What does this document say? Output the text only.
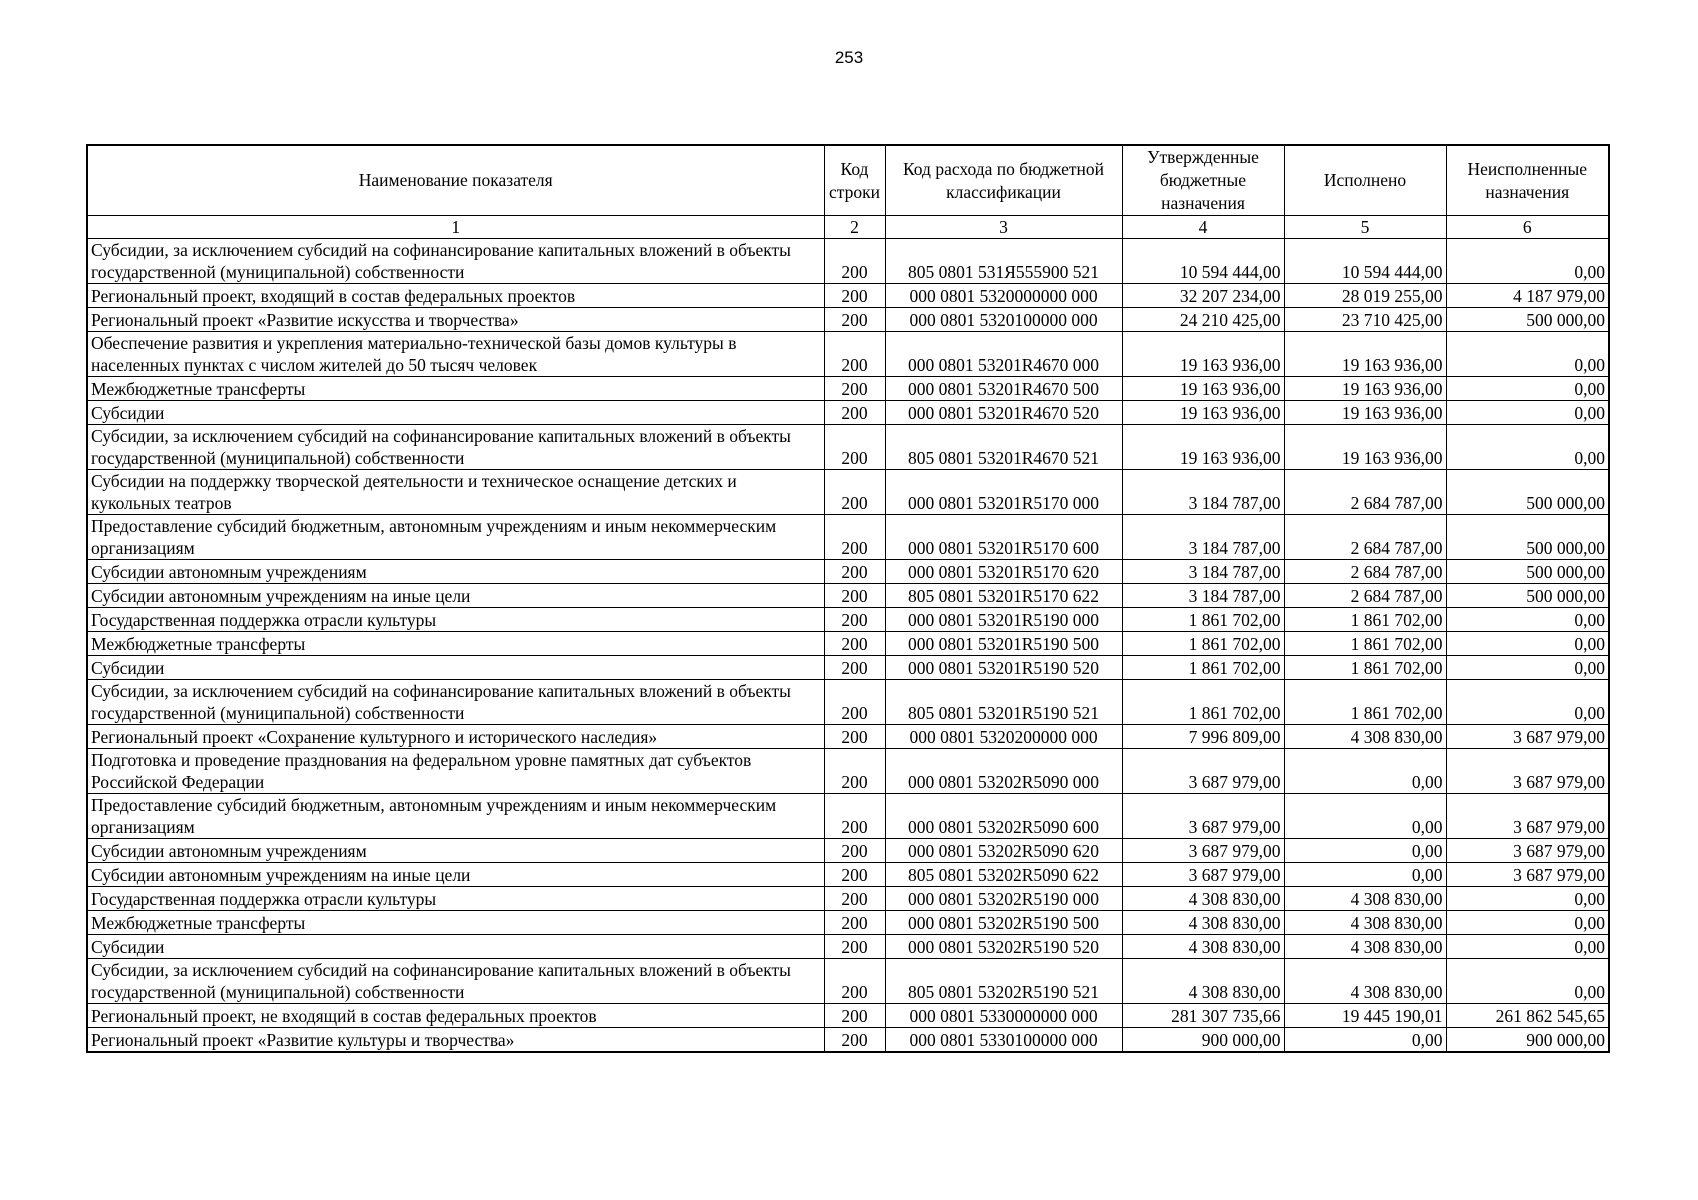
253
Наименование показателя	Код строки	Код расхода по бюджетной классификации	Утвержденные бюджетные назначения	Исполнено	Неисполненные назначения
1	2	3	4	5	6
Субсидии, за исключением субсидий на софинансирование капитальных вложений в объекты государственной (муниципальной) собственности	200	805 0801 531Я555900 521	10 594 444,00	10 594 444,00	0,00
Региональный проект, входящий в состав федеральных проектов	200	000 0801 5320000000 000	32 207 234,00	28 019 255,00	4 187 979,00
Региональный проект «Развитие искусства и творчества»	200	000 0801 5320100000 000	24 210 425,00	23 710 425,00	500 000,00
Обеспечение развития и укрепления материально-технической базы домов культуры в населенных пунктах с числом жителей до 50 тысяч человек	200	000 0801 53201R4670 000	19 163 936,00	19 163 936,00	0,00
Межбюджетные трансферты	200	000 0801 53201R4670 500	19 163 936,00	19 163 936,00	0,00
Субсидии	200	000 0801 53201R4670 520	19 163 936,00	19 163 936,00	0,00
Субсидии, за исключением субсидий на софинансирование капитальных вложений в объекты государственной (муниципальной) собственности	200	805 0801 53201R4670 521	19 163 936,00	19 163 936,00	0,00
Субсидии на поддержку творческой деятельности и техническое оснащение детских и кукольных театров	200	000 0801 53201R5170 000	3 184 787,00	2 684 787,00	500 000,00
Предоставление субсидий бюджетным, автономным учреждениям и иным некоммерческим организациям	200	000 0801 53201R5170 600	3 184 787,00	2 684 787,00	500 000,00
Субсидии автономным учреждениям	200	000 0801 53201R5170 620	3 184 787,00	2 684 787,00	500 000,00
Субсидии автономным учреждениям на иные цели	200	805 0801 53201R5170 622	3 184 787,00	2 684 787,00	500 000,00
Государственная поддержка отрасли культуры	200	000 0801 53201R5190 000	1 861 702,00	1 861 702,00	0,00
Межбюджетные трансферты	200	000 0801 53201R5190 500	1 861 702,00	1 861 702,00	0,00
Субсидии	200	000 0801 53201R5190 520	1 861 702,00	1 861 702,00	0,00
Субсидии, за исключением субсидий на софинансирование капитальных вложений в объекты государственной (муниципальной) собственности	200	805 0801 53201R5190 521	1 861 702,00	1 861 702,00	0,00
Региональный проект «Сохранение культурного и исторического наследия»	200	000 0801 5320200000 000	7 996 809,00	4 308 830,00	3 687 979,00
Подготовка и проведение празднования на федеральном уровне памятных дат субъектов Российской Федерации	200	000 0801 53202R5090 000	3 687 979,00	0,00	3 687 979,00
Предоставление субсидий бюджетным, автономным учреждениям и иным некоммерческим организациям	200	000 0801 53202R5090 600	3 687 979,00	0,00	3 687 979,00
Субсидии автономным учреждениям	200	000 0801 53202R5090 620	3 687 979,00	0,00	3 687 979,00
Субсидии автономным учреждениям на иные цели	200	805 0801 53202R5090 622	3 687 979,00	0,00	3 687 979,00
Государственная поддержка отрасли культуры	200	000 0801 53202R5190 000	4 308 830,00	4 308 830,00	0,00
Межбюджетные трансферты	200	000 0801 53202R5190 500	4 308 830,00	4 308 830,00	0,00
Субсидии	200	000 0801 53202R5190 520	4 308 830,00	4 308 830,00	0,00
Субсидии, за исключением субсидий на софинансирование капитальных вложений в объекты государственной (муниципальной) собственности	200	805 0801 53202R5190 521	4 308 830,00	4 308 830,00	0,00
Региональный проект, не входящий в состав федеральных проектов	200	000 0801 5330000000 000	281 307 735,66	19 445 190,01	261 862 545,65
Региональный проект «Развитие культуры и творчества»	200	000 0801 5330100000 000	900 000,00	0,00	900 000,00
